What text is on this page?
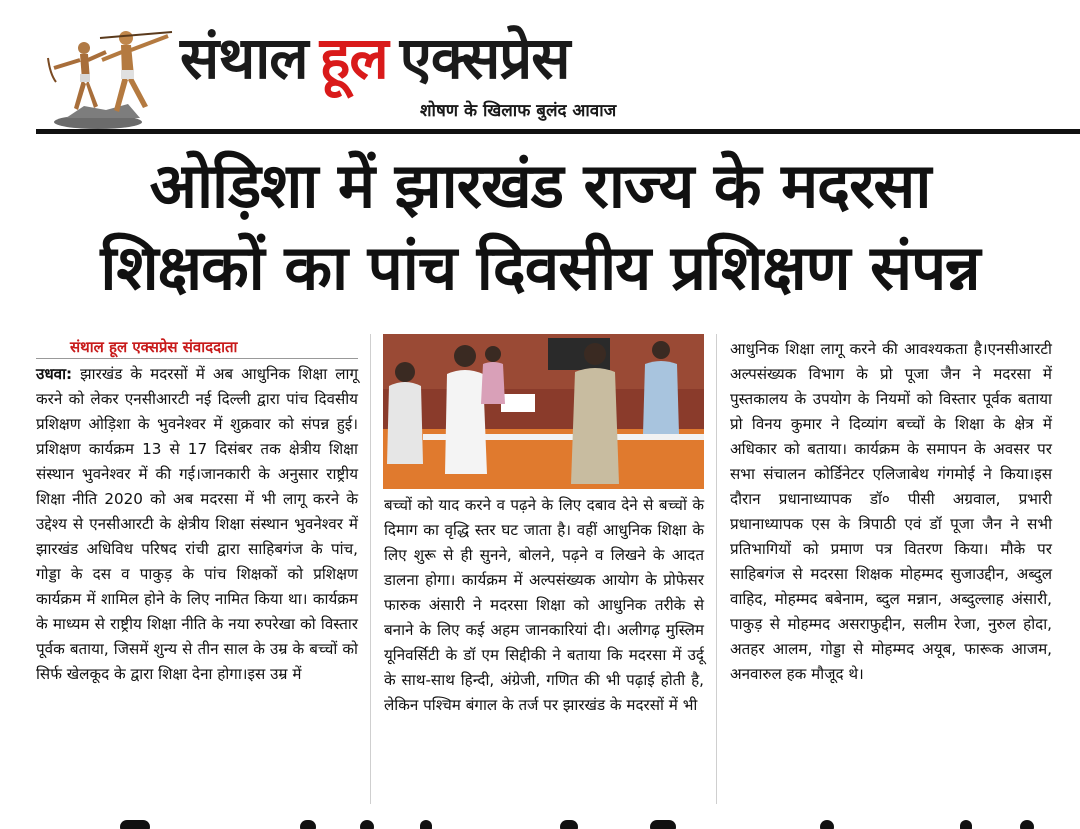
संथाल हूल एक्सप्रेस
शोषण के खिलाफ बुलंद आवाज
ओड़िशा में झारखंड राज्य के मदरसा
शिक्षकों का पांच दिवसीय प्रशिक्षण संपन्न
संथाल हूल एक्सप्रेस संवाददाता
उधवा: झारखंड के मदरसों में अब आधुनिक शिक्षा लागू करने को लेकर एनसीआरटी नई दिल्ली द्वारा पांच दिवसीय प्रशिक्षण ओड़िशा के भुवनेश्वर में शुक्रवार को संपन्न हुई। प्रशिक्षण कार्यक्रम 13 से 17 दिसंबर तक क्षेत्रीय शिक्षा संस्थान भुवनेश्वर में की गई।जानकारी के अनुसार राष्ट्रीय शिक्षा नीति 2020 को अब मदरसा में भी लागू करने के उद्देश्य से एनसीआरटी के क्षेत्रीय शिक्षा संस्थान भुवनेश्वर में झारखंड अधिविध परिषद रांची द्वारा साहिबगंज के पांच, गोड्डा के दस व पाकुड़ के पांच शिक्षकों को प्रशिक्षण कार्यक्रम में शामिल होने के लिए नामित किया था। कार्यक्रम के माध्यम से राष्ट्रीय शिक्षा नीति के नया रुपरेखा को विस्तार पूर्वक बताया, जिसमें शुन्य से तीन साल के उम्र के बच्चों को सिर्फ खेलकूद के द्वारा शिक्षा देना होगा।इस उम्र में
बच्चों को याद करने व पढ़ने के लिए दबाव देने से बच्चों के दिमाग का वृद्धि स्तर घट जाता है। वहीं आधुनिक शिक्षा के लिए शुरू से ही सुनने, बोलने, पढ़ने व लिखने के आदत डालना होगा। कार्यक्रम में अल्पसंख्यक आयोग के प्रोफेसर फारुक अंसारी ने मदरसा शिक्षा को आधुनिक तरीके से बनाने के लिए कई अहम जानकारियां दी। अलीगढ़ मुस्लिम यूनिवर्सिटी के डॉ एम सिद्दीकी ने बताया कि मदरसा में उर्दू के साथ-साथ हिन्दी, अंग्रेजी, गणित की भी पढ़ाई होती है, लेकिन पश्चिम बंगाल के तर्ज पर झारखंड के मदरसों में भी
आधुनिक शिक्षा लागू करने की आवश्यकता है।एनसीआरटी अल्पसंख्यक विभाग के प्रो पूजा जैन ने मदरसा में पुस्तकालय के उपयोग के नियमों को विस्तार पूर्वक बताया प्रो विनय कुमार ने दिव्यांग बच्चों के शिक्षा के क्षेत्र में अधिकार को बताया। कार्यक्रम के समापन के अवसर पर सभा संचालन कोर्डिनेटर एलिजाबेथ गंगमोई ने किया।इस दौरान प्रधानाध्यापक डॉ० पीसी अग्रवाल, प्रभारी प्रधानाध्यापक एस के त्रिपाठी एवं डॉ पूजा जैन ने सभी प्रतिभागियों को प्रमाण पत्र वितरण किया। मौके पर साहिबगंज से मदरसा शिक्षक मोहम्मद सुजाउद्दीन, अब्दुल वाहिद, मोहम्मद बबेनाम, ब्दुल मन्नान, अब्दुल्लाह अंसारी, पाकुड़ से मोहम्मद असराफुद्दीन, सलीम रेजा, नुरुल होदा, अतहर आलम, गोड्डा से मोहम्मद अयूब, फारूक आजम, अनवारुल हक मौजूद थे।
